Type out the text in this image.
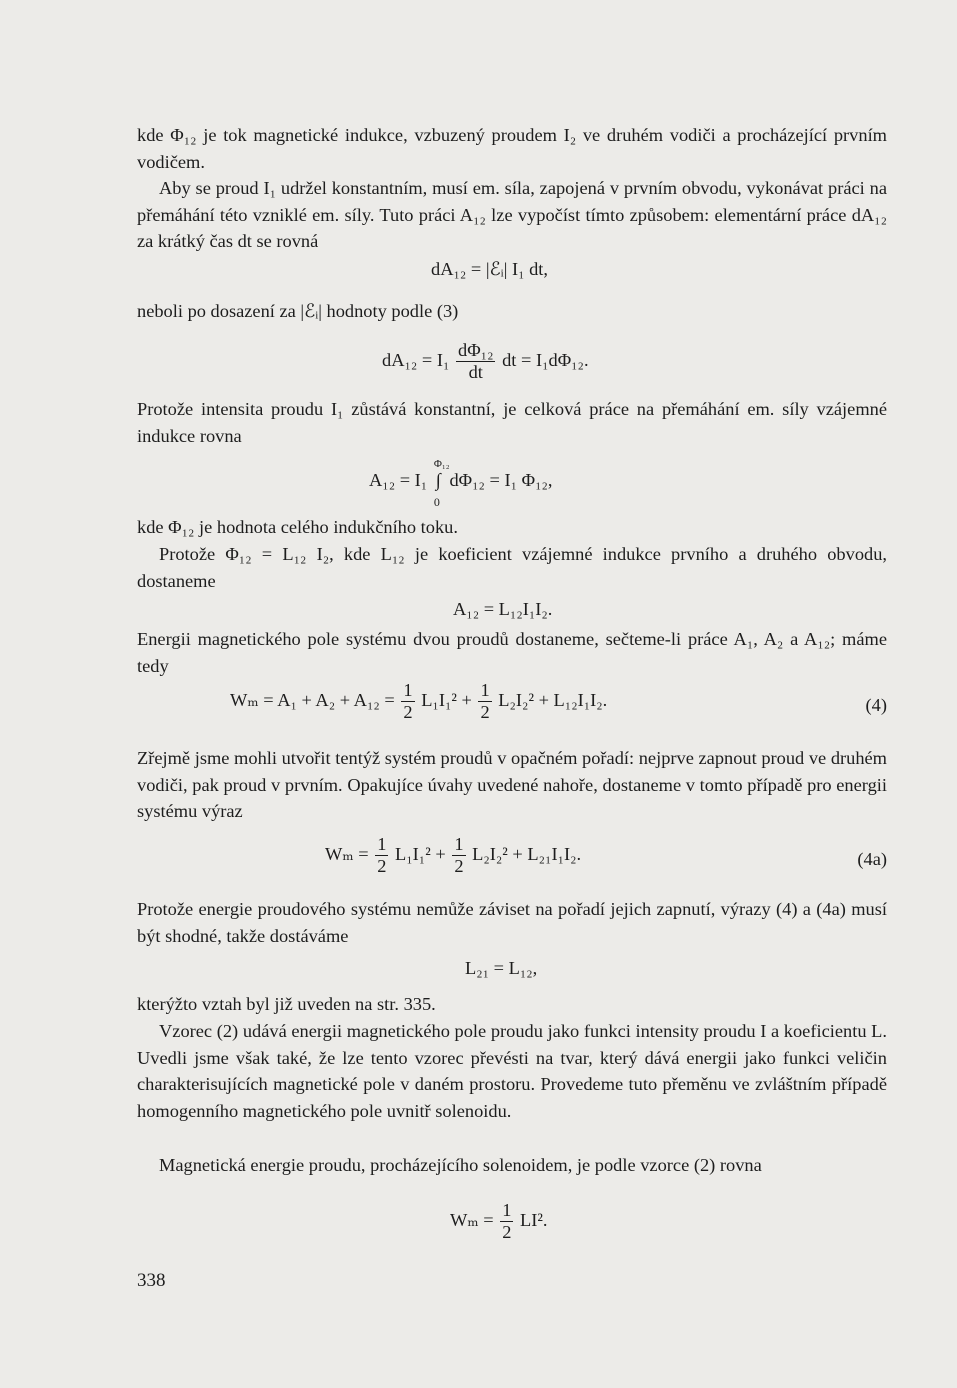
kde Φ₁₂ je tok magnetické indukce, vzbuzený proudem I₂ ve druhém vodiči a procházející prvním vodičem.

Aby se proud I₁ udržel konstantním, musí em. síla, zapojená v prvním obvodu, vykonávat práci na přemáhání této vzniklé em. síly. Tuto práci A₁₂ lze vypočíst tímto způsobem: elementární práce dA₁₂ za krátký čas dt se rovná

dA₁₂ = |ℰᵢ| I₁ dt,

neboli po dosazení za |ℰᵢ| hodnoty podle (3)

$dA_{12} = I_1 \frac{\text{dΦ₁₂}}{dt}$ dt = I₁dΦ₁₂.

Protože intensita proudu I₁ zůstává konstantní, je celková práce na přemáhání em. síly vzájemné indukce rovna

A₁₂ = I₁
Φ₁₂
∫
0
dΦ₁₂ = I₁ Φ₁₂,

kde Φ₁₂ je hodnota celého indukčního toku.

Protože Φ₁₂ = L₁₂ I₂, kde L₁₂ je koeficient vzájemné indukce prvního a druhého obvodu, dostaneme

A₁₂ = L₁₂I₁I₂.

Energii magnetického pole systému dvou proudů dostaneme, sečteme-li práce A₁, A₂ a A₁₂; máme tedy

$W_m = A_1 + A_2 + A_{12} = \frac{1}{2} L_1I_1^2 + \frac{1}{2} L_2I_2^2 + L_{12}I_1I_2$.	(4)

Zřejmě jsme mohli utvořit tentýž systém proudů v opačném pořadí: nejprve zapnout proud ve druhém vodiči, pak proud v prvním. Opakujíce úvahy uvedené nahoře, dostaneme v tomto případě pro energii systému výraz

$W_m = \frac{1}{2} L_1I_1^2 + \frac{1}{2} L_2I_2^2 + L_{21}I_1I_2$.	(4a)

Protože energie proudového systému nemůže záviset na pořadí jejich zapnutí, výrazy (4) a (4a) musí být shodné, takže dostáváme

L₂₁ = L₁₂,

kterýžto vztah byl již uveden na str. 335.

Vzorec (2) udává energii magnetického pole proudu jako funkci intensity proudu I a koeficientu L. Uvedli jsme však také, že lze tento vzorec převésti na tvar, který dává energii jako funkci veličin charakterisujících magnetické pole v daném prostoru. Provedeme tuto přeměnu ve zvláštním případě homogenního magnetického pole uvnitř solenoidu.

Magnetická energie proudu, procházejícího solenoidem, je podle vzorce (2) rovna

$W_m = \frac{1}{2} LI^2$.
338
